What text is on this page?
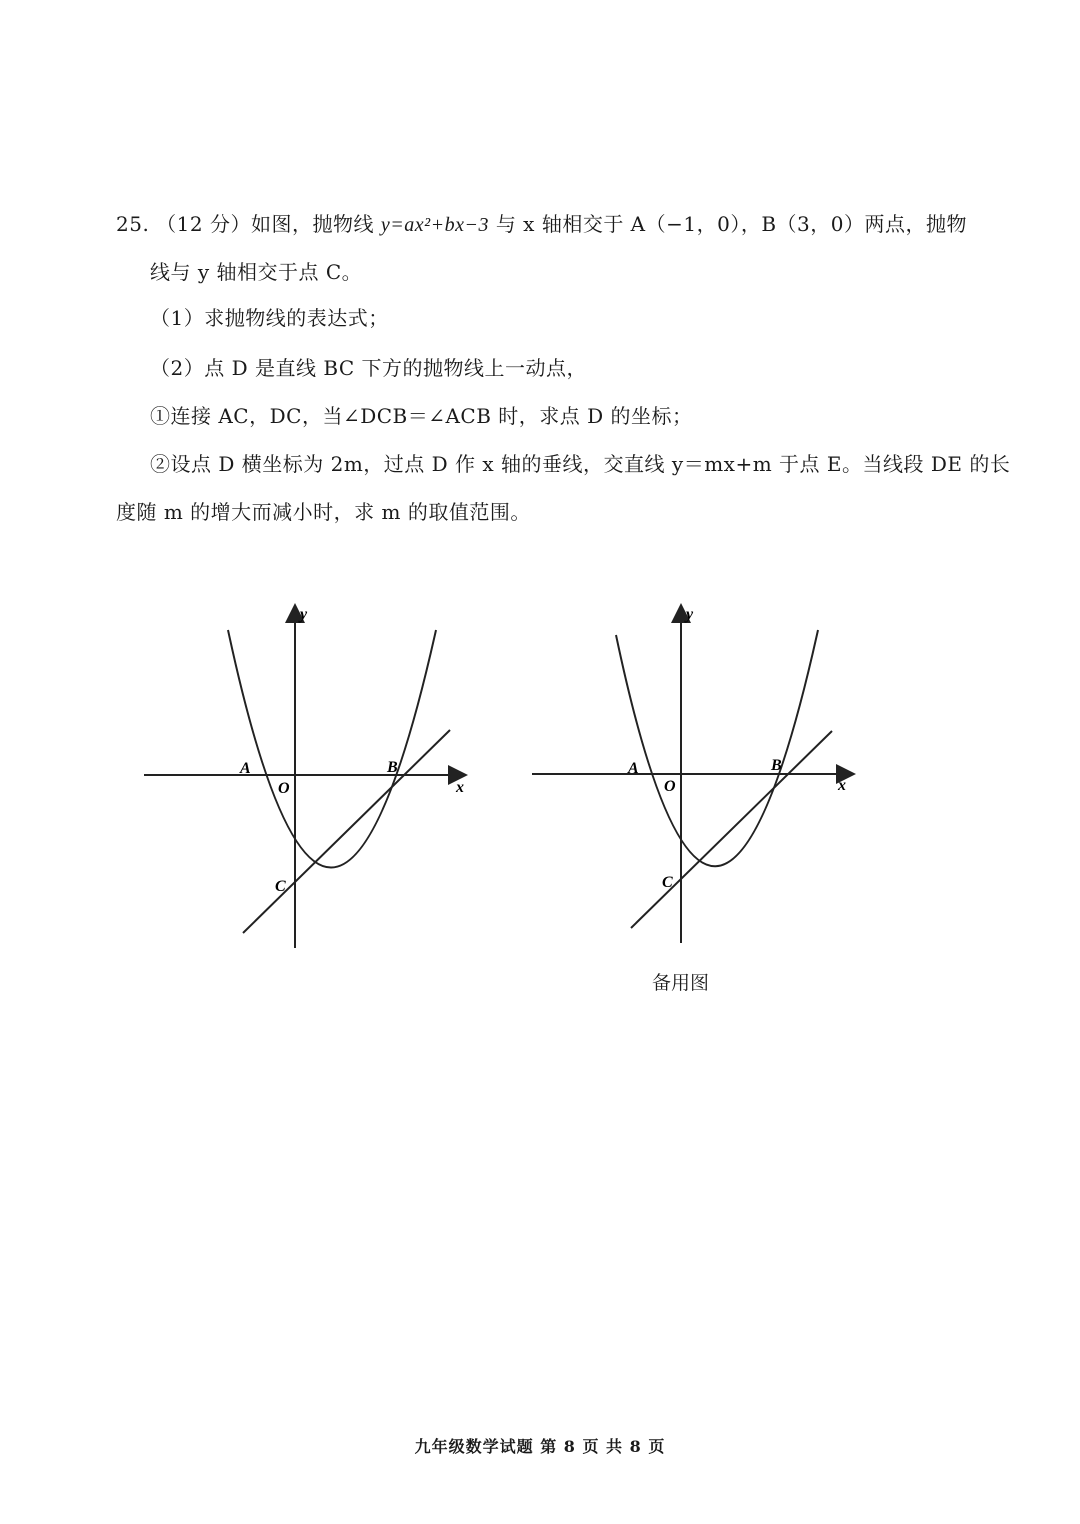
25. （12 分）如图，抛物线 y=ax²+bx−3 与 x 轴相交于 A（−1，0），B（3，0）两点，抛物
线与 y 轴相交于点 C。
（1）求抛物线的表达式；
（2）点 D 是直线 BC 下方的抛物线上一动点，
①连接 AC，DC，当∠DCB＝∠ACB 时，求点 D 的坐标；
②设点 D 横坐标为 2m，过点 D 作 x 轴的垂线，交直线 y＝mx+m 于点 E。当线段 DE 的长
度随 m 的增大而减小时，求 m 的取值范围。
y
x
O
A	B
C
y
x
O
A	B
C
备用图
九年级数学试题 第 8 页 共 8 页
